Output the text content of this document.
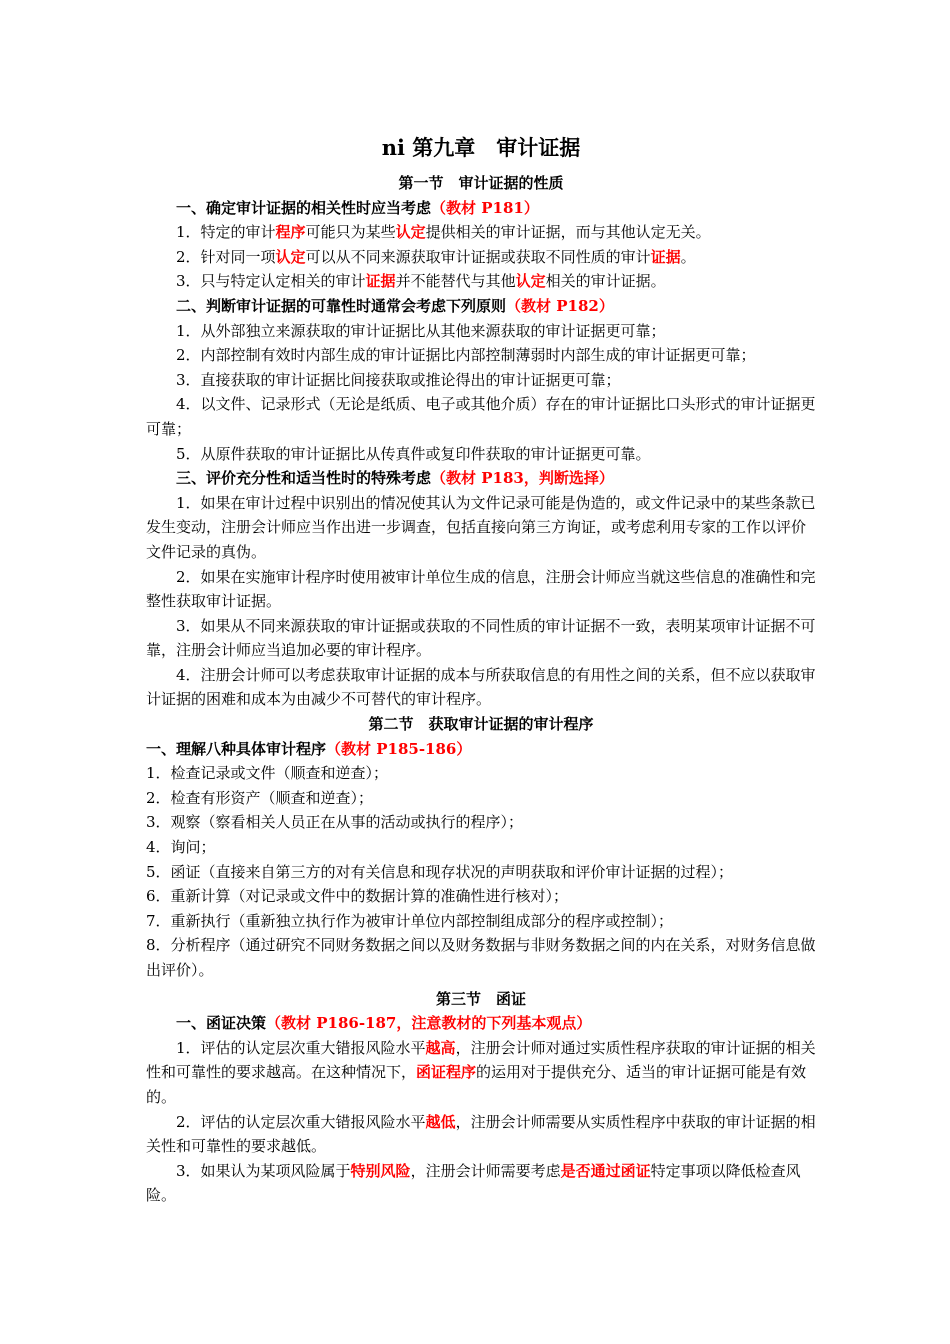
ni 第九章　审计证据
第一节　审计证据的性质

一、确定审计证据的相关性时应当考虑（教材 P181）

1．特定的审计程序可能只为某些认定提供相关的审计证据，而与其他认定无关。

2．针对同一项认定可以从不同来源获取审计证据或获取不同性质的审计证据。

3．只与特定认定相关的审计证据并不能替代与其他认定相关的审计证据。

二、判断审计证据的可靠性时通常会考虑下列原则（教材 P182）

1．从外部独立来源获取的审计证据比从其他来源获取的审计证据更可靠；

2．内部控制有效时内部生成的审计证据比内部控制薄弱时内部生成的审计证据更可靠；

3．直接获取的审计证据比间接获取或推论得出的审计证据更可靠；

4．以文件、记录形式（无论是纸质、电子或其他介质）存在的审计证据比口头形式的审计证据更可靠；

5．从原件获取的审计证据比从传真件或复印件获取的审计证据更可靠。

三、评价充分性和适当性时的特殊考虑（教材 P183，判断选择）

1．如果在审计过程中识别出的情况使其认为文件记录可能是伪造的，或文件记录中的某些条款已发生变动，注册会计师应当作出进一步调查，包括直接向第三方询证，或考虑利用专家的工作以评价文件记录的真伪。

2．如果在实施审计程序时使用被审计单位生成的信息，注册会计师应当就这些信息的准确性和完整性获取审计证据。

3．如果从不同来源获取的审计证据或获取的不同性质的审计证据不一致，表明某项审计证据不可靠，注册会计师应当追加必要的审计程序。

4．注册会计师可以考虑获取审计证据的成本与所获取信息的有用性之间的关系，但不应以获取审计证据的困难和成本为由减少不可替代的审计程序。

第二节　获取审计证据的审计程序

一、理解八种具体审计程序（教材 P185-186）

1．检查记录或文件（顺查和逆查）；

2．检查有形资产（顺查和逆查）；

3．观察（察看相关人员正在从事的活动或执行的程序）；

4．询问；

5．函证（直接来自第三方的对有关信息和现存状况的声明获取和评价审计证据的过程）；

6．重新计算（对记录或文件中的数据计算的准确性进行核对）；

7．重新执行（重新独立执行作为被审计单位内部控制组成部分的程序或控制）；

8．分析程序（通过研究不同财务数据之间以及财务数据与非财务数据之间的内在关系，对财务信息做出评价）。

第三节　函证

一、函证决策（教材 P186-187，注意教材的下列基本观点）

1．评估的认定层次重大错报风险水平越高，注册会计师对通过实质性程序获取的审计证据的相关性和可靠性的要求越高。在这种情况下，函证程序的运用对于提供充分、适当的审计证据可能是有效的。

2．评估的认定层次重大错报风险水平越低，注册会计师需要从实质性程序中获取的审计证据的相关性和可靠性的要求越低。

3．如果认为某项风险属于特别风险，注册会计师需要考虑是否通过函证特定事项以降低检查风险。
